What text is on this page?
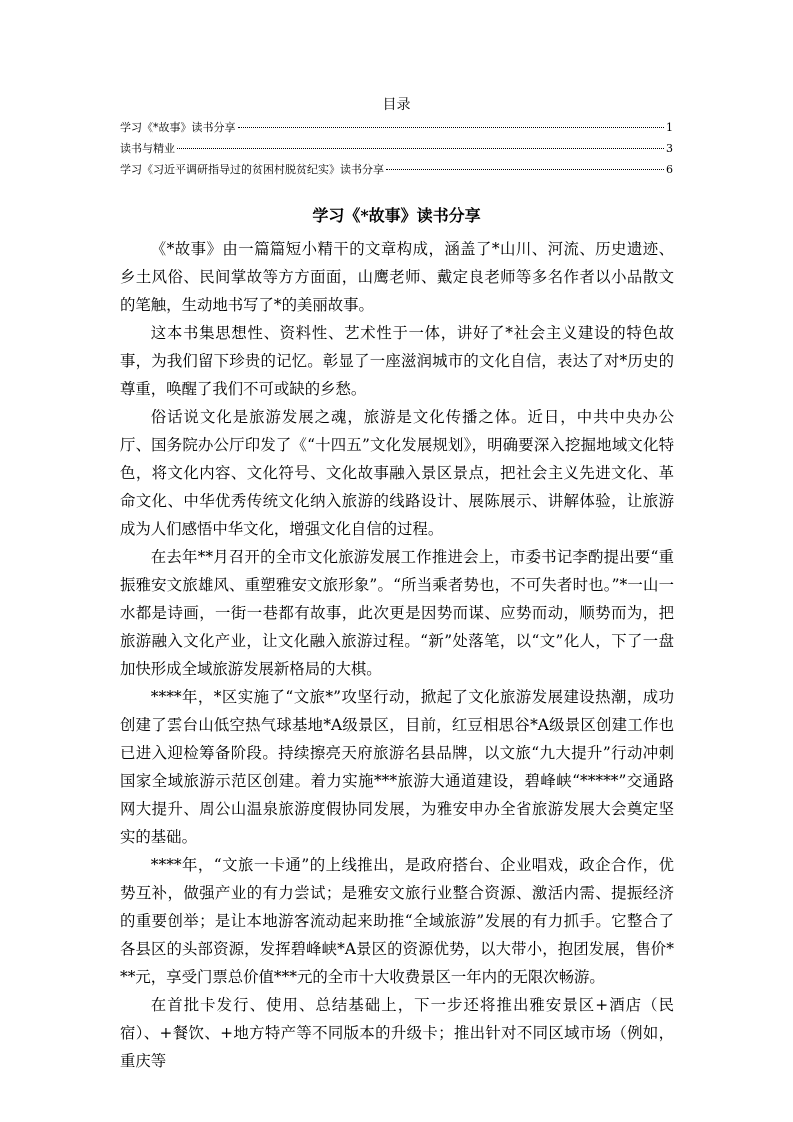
目录
学习《*故事》读书分享	1
读书与精业	3
学习《习近平调研指导过的贫困村脱贫纪实》读书分享	6
学习《*故事》读书分享

《*故事》由一篇篇短小精干的文章构成，涵盖了*山川、河流、历史遗迹、乡土风俗、民间掌故等方方面面，山鹰老师、戴定良老师等多名作者以小品散文的笔触，生动地书写了*的美丽故事。

这本书集思想性、资料性、艺术性于一体，讲好了*社会主义建设的特色故事，为我们留下珍贵的记忆。彰显了一座滋润城市的文化自信，表达了对*历史的尊重，唤醒了我们不可或缺的乡愁。

俗话说文化是旅游发展之魂，旅游是文化传播之体。近日，中共中央办公厅、国务院办公厅印发了《“十四五”文化发展规划》，明确要深入挖掘地域文化特色，将文化内容、文化符号、文化故事融入景区景点，把社会主义先进文化、革命文化、中华优秀传统文化纳入旅游的线路设计、展陈展示、讲解体验，让旅游成为人们感悟中华文化，增强文化自信的过程。

在去年**月召开的全市文化旅游发展工作推进会上，市委书记李酌提出要“重振雅安文旅雄风、重塑雅安文旅形象”。“所当乘者势也，不可失者时也。”*一山一水都是诗画，一街一巷都有故事，此次更是因势而谋、应势而动，顺势而为，把旅游融入文化产业，让文化融入旅游过程。“新”处落笔，以“文”化人，下了一盘加快形成全域旅游发展新格局的大棋。

****年，*区实施了“文旅*”攻坚行动，掀起了文化旅游发展建设热潮，成功创建了雲台山低空热气球基地*A级景区，目前，红豆相思谷*A级景区创建工作也已进入迎检筹备阶段。持续擦亮天府旅游名县品牌，以文旅“九大提升”行动冲刺国家全域旅游示范区创建。着力实施***旅游大通道建设，碧峰峡“*****”交通路网大提升、周公山温泉旅游度假协同发展，为雅安申办全省旅游发展大会奠定坚实的基础。

****年，“文旅一卡通”的上线推出，是政府搭台、企业唱戏，政企合作，优势互补，做强产业的有力尝试；是雅安文旅行业整合资源、激活内需、提振经济的重要创举；是让本地游客流动起来助推“全域旅游”发展的有力抓手。它整合了各县区的头部资源，发挥碧峰峡*A景区的资源优势，以大带小，抱团发展，售价***元，享受门票总价值***元的全市十大收费景区一年内的无限次畅游。

在首批卡发行、使用、总结基础上，下一步还将推出雅安景区+酒店（民宿）、+餐饮、+地方特产等不同版本的升级卡；推出针对不同区域市场（例如，重庆等
